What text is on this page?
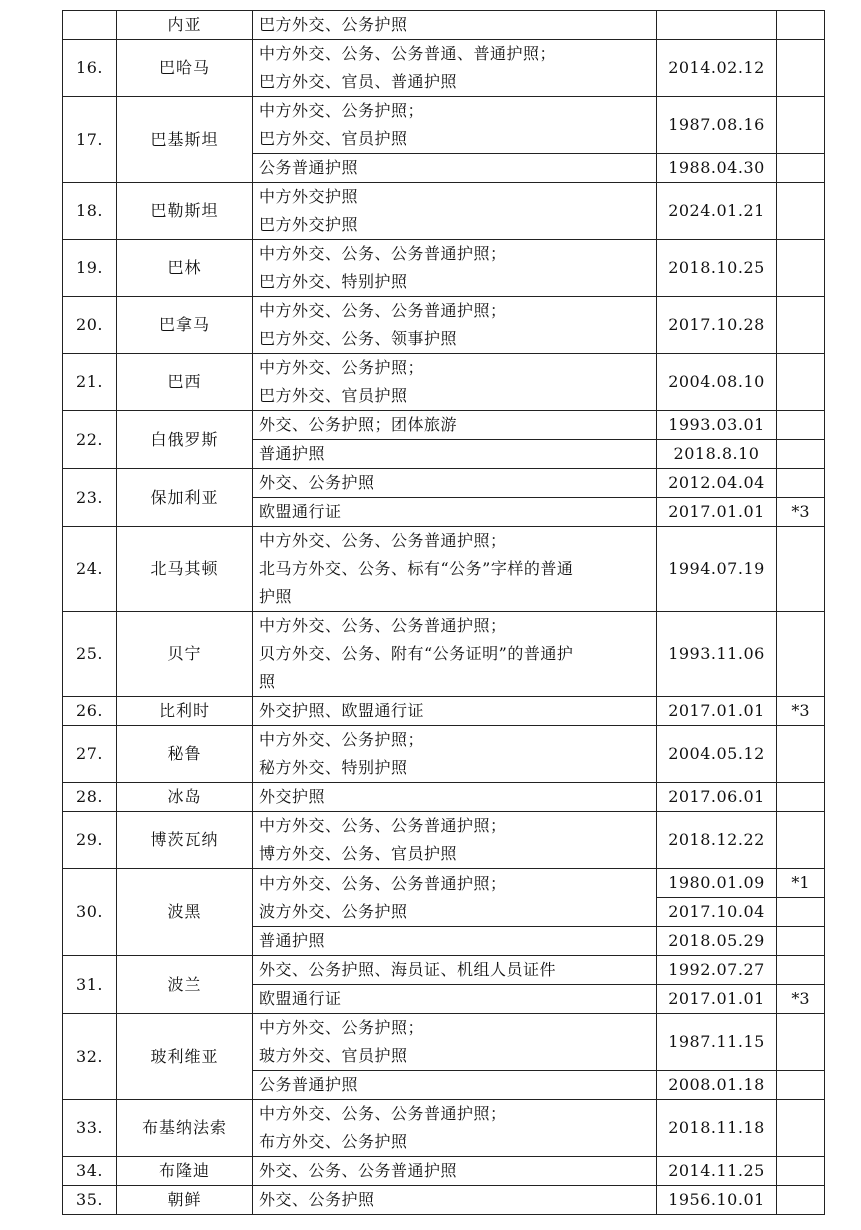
	内亚	巴方外交、公务护照		

16.	巴哈马	中方外交、公务、公务普通、普通护照；
巴方外交、官员、普通护照	2014.02.12	

17.	巴基斯坦	中方外交、公务护照；
巴方外交、官员护照	1987.08.16	

		公务普通护照	1988.04.30	
18.	巴勒斯坦	中方外交护照
巴方外交护照	2024.01.21	

19.	巴林	中方外交、公务、公务普通护照；
巴方外交、特别护照	2018.10.25	

20.	巴拿马	中方外交、公务、公务普通护照；
巴方外交、公务、领事护照	2017.10.28	

21.	巴西	中方外交、公务护照；
巴方外交、官员护照	2004.08.10	

22.	白俄罗斯	外交、公务护照；团体旅游	1993.03.01	

		普通护照	2018.8.10	
23.	保加利亚	外交、公务护照	2012.04.04	

		欧盟通行证	2017.01.01	*3
24.	北马其顿	中方外交、公务、公务普通护照；
北马方外交、公务、标有“公务”字样的普通
护照	1994.07.19	

25.	贝宁	中方外交、公务、公务普通护照；
贝方外交、公务、附有“公务证明”的普通护
照	1993.11.06	

26.	比利时	外交护照、欧盟通行证	2017.01.01	*3
27.	秘鲁	中方外交、公务护照；
秘方外交、特别护照	2004.05.12	

28.	冰岛	外交护照	2017.06.01	
29.	博茨瓦纳	中方外交、公务、公务普通护照；
博方外交、公务、官员护照	2018.12.22	

30.	波黑	中方外交、公务、公务普通护照；
波方外交、公务护照	1980.01.09	*1
			2017.10.04	

		普通护照	2018.05.29	
31.	波兰	外交、公务护照、海员证、机组人员证件	1992.07.27	

		欧盟通行证	2017.01.01	*3
32.	玻利维亚	中方外交、公务护照；
玻方外交、官员护照	1987.11.15	

		公务普通护照	2008.01.18	
33.	布基纳法索	中方外交、公务、公务普通护照；
布方外交、公务护照	2018.11.18	

34.	布隆迪	外交、公务、公务普通护照	2014.11.25	
35.	朝鲜	外交、公务护照	1956.10.01	
